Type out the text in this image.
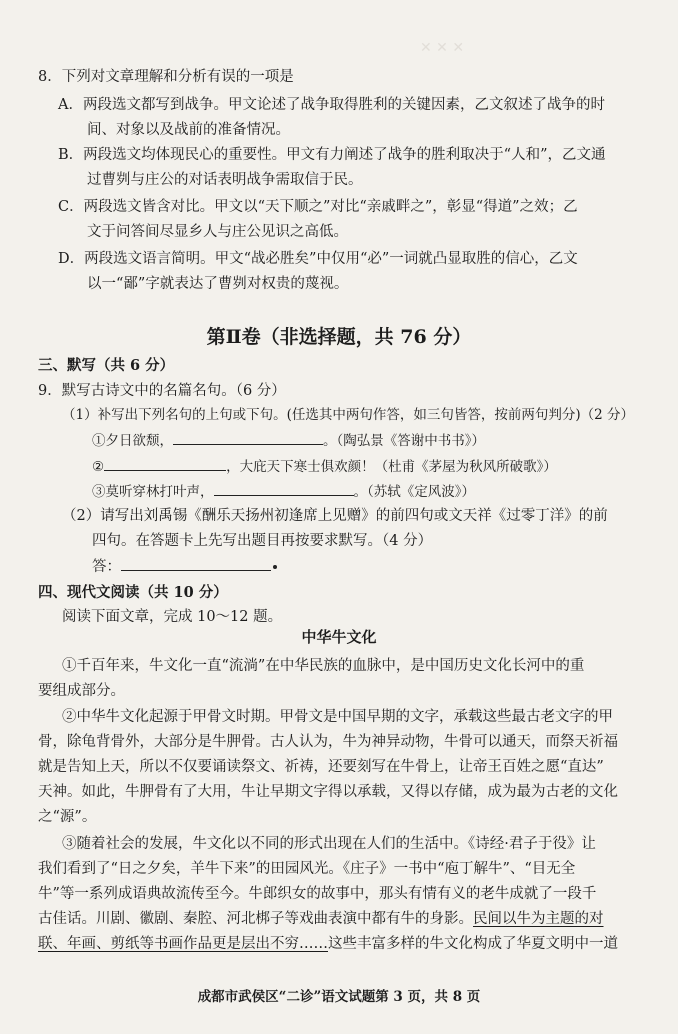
✕ ✕ ✕
8．下列对文章理解和分析有误的一项是
A．两段选文都写到战争。甲文论述了战争取得胜利的关键因素，乙文叙述了战争的时
间、对象以及战前的准备情况。
B．两段选文均体现民心的重要性。甲文有力阐述了战争的胜利取决于“人和”，乙文通
过曹刿与庄公的对话表明战争需取信于民。
C．两段选文皆含对比。甲文以“天下顺之”对比“亲戚畔之”，彰显“得道”之效；乙
文于问答间尽显乡人与庄公见识之高低。
D．两段选文语言简明。甲文“战必胜矣”中仅用“必”一词就凸显取胜的信心，乙文
以一“鄙”字就表达了曹刿对权贵的蔑视。
第Ⅱ卷（非选择题，共 76 分）
三、默写（共 6 分）
9．默写古诗文中的名篇名句。（6 分）
（1）补写出下列名句的上句或下句。(任选其中两句作答，如三句皆答，按前两句判分)（2 分）
①夕日欲颓，	。（陶弘景《答谢中书书》）
②	，大庇天下寒士俱欢颜！（杜甫《茅屋为秋风所破歌》）
③莫听穿林打叶声，	。（苏轼《定风波》）
（2）请写出刘禹锡《酬乐天扬州初逢席上见赠》的前四句或文天祥《过零丁洋》的前
四句。在答题卡上先写出题目再按要求默写。（4 分）
答：
四、现代文阅读（共 10 分）
阅读下面文章，完成 10～12 题。
中华牛文化
①千百年来，牛文化一直“流淌”在中华民族的血脉中，是中国历史文化长河中的重
要组成部分。
②中华牛文化起源于甲骨文时期。甲骨文是中国早期的文字，承载这些最古老文字的甲
骨，除龟背骨外，大部分是牛胛骨。古人认为，牛为神异动物，牛骨可以通天，而祭天祈福
就是告知上天，所以不仅要诵读祭文、祈祷，还要刻写在牛骨上，让帝王百姓之愿“直达”
天神。如此，牛胛骨有了大用，牛让早期文字得以承载，又得以存储，成为最为古老的文化
之“源”。
③随着社会的发展，牛文化以不同的形式出现在人们的生活中。《诗经·君子于役》让
我们看到了“日之夕矣，羊牛下来”的田园风光。《庄子》一书中“庖丁解牛”、“目无全
牛”等一系列成语典故流传至今。牛郎织女的故事中，那头有情有义的老牛成就了一段千
古佳话。川剧、徽剧、秦腔、河北梆子等戏曲表演中都有牛的身影。民间以牛为主题的对
联、年画、剪纸等书画作品更是层出不穷……这些丰富多样的牛文化构成了华夏文明中一道
成都市武侯区“二诊”语文试题第 3 页，共 8 页
